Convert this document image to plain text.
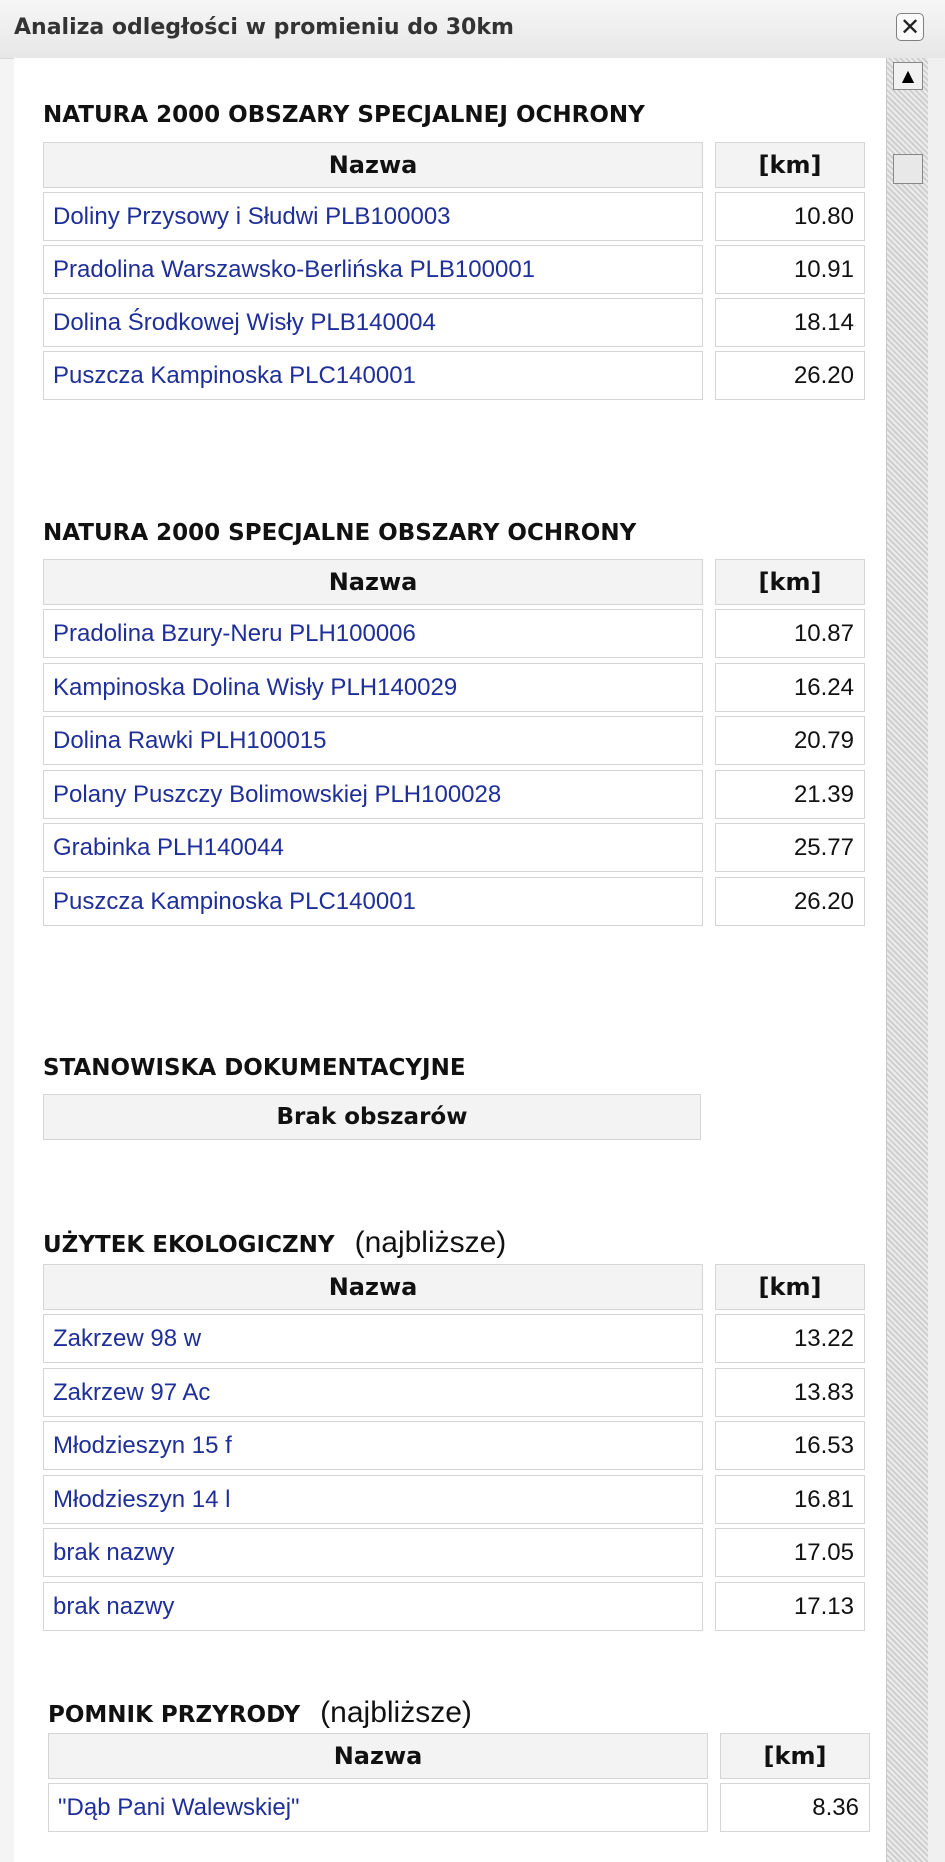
Analiza odległości w promieniu do 30km	✕
NATURA 2000 OBSZARY SPECJALNEJ OCHRONY
Nazwa	[km]
Doliny Przysowy i Słudwi PLB100003	10.80
Pradolina Warszawsko-Berlińska PLB100001	10.91
Dolina Środkowej Wisły PLB140004	18.14
Puszcza Kampinoska PLC140001	26.20
NATURA 2000 SPECJALNE OBSZARY OCHRONY
Nazwa	[km]
Pradolina Bzury-Neru PLH100006	10.87
Kampinoska Dolina Wisły PLH140029	16.24
Dolina Rawki PLH100015	20.79
Polany Puszczy Bolimowskiej PLH100028	21.39
Grabinka PLH140044	25.77
Puszcza Kampinoska PLC140001	26.20
STANOWISKA DOKUMENTACYJNE
Brak obszarów
UŻYTEK EKOLOGICZNY (najbliższe)
Nazwa	[km]
Zakrzew 98 w	13.22
Zakrzew 97 Ac	13.83
Młodzieszyn 15 f	16.53
Młodzieszyn 14 l	16.81
brak nazwy	17.05
brak nazwy	17.13
POMNIK PRZYRODY (najbliższe)
Nazwa	[km]
"Dąb Pani Walewskiej"	8.36
▲
